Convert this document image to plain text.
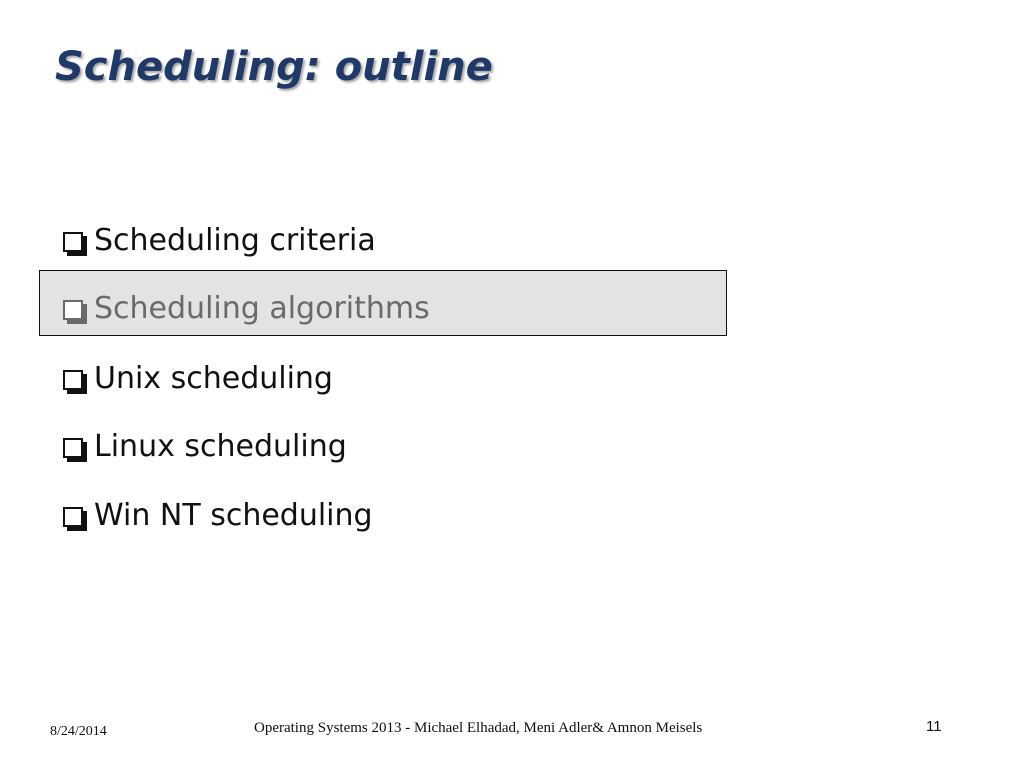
Scheduling: outline
Scheduling criteria
Scheduling algorithms
Unix scheduling
Linux scheduling
Win NT scheduling
8/24/2014	Operating Systems 2013 - Michael Elhadad, Meni Adler& Amnon Meisels	11
